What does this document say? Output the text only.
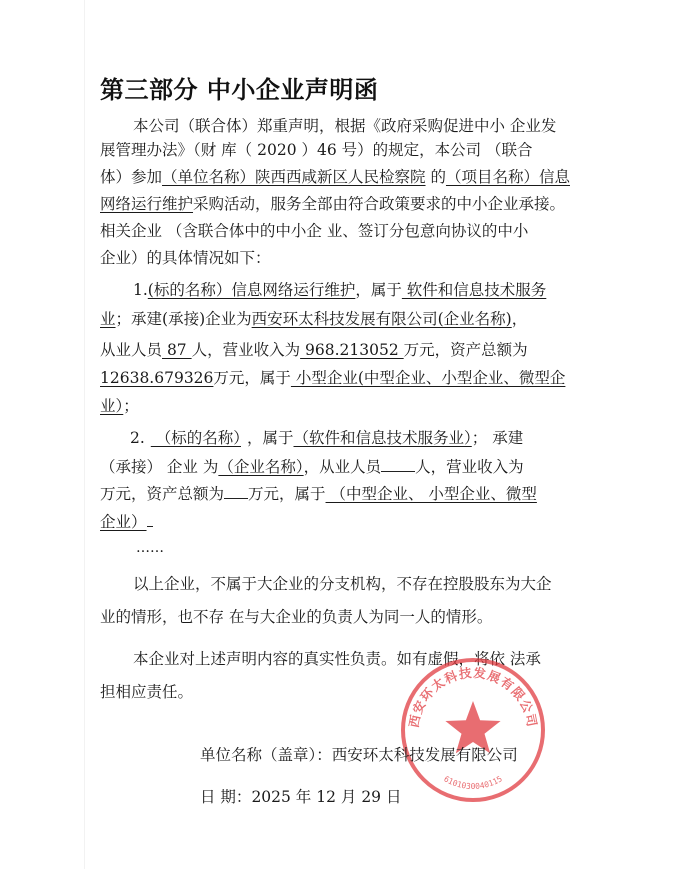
第三部分 中小企业声明函
本公司（联合体）郑重声明，根据《政府采购促进中小 企业发
展管理办法》（财 库（ 2020 ）46 号）的规定，本公司 （联合
体）参加（单位名称）陕西西咸新区人民检察院 的（项目名称）信息
网络运行维护采购活动，服务全部由符合政策要求的中小企业承接。
相关企业 （含联合体中的中小企 业、签订分包意向协议的中小
企业）的具体情况如下：
1.(标的名称）信息网络运行维护，属于 软件和信息技术服务
业；承建(承接)企业为西安环太科技发展有限公司(企业名称)，
从业人员 87 人，营业收入为 968.213052 万元，资产总额为
12638.679326万元，属于 小型企业(中型企业、小型企业、微型企
业）；
2. （标的名称） ，属于（软件和信息技术服务业）； 承建
（承接） 企业 为（企业名称），从业人员 人，营业收入为
万元，资产总额为 万元，属于 （中型企业、 小型企业、微型
企业）
……
以上企业，不属于大企业的分支机构，不存在控股股东为大企
业的情形，也不存 在与大企业的负责人为同一人的情形。
本企业对上述声明内容的真实性负责。如有虚假，将依 法承
担相应责任。
西安环太科技发展有限公司
6101030040115
单位名称（盖章）：西安环太科技发展有限公司
日 期：2025 年 12 月 29 日
